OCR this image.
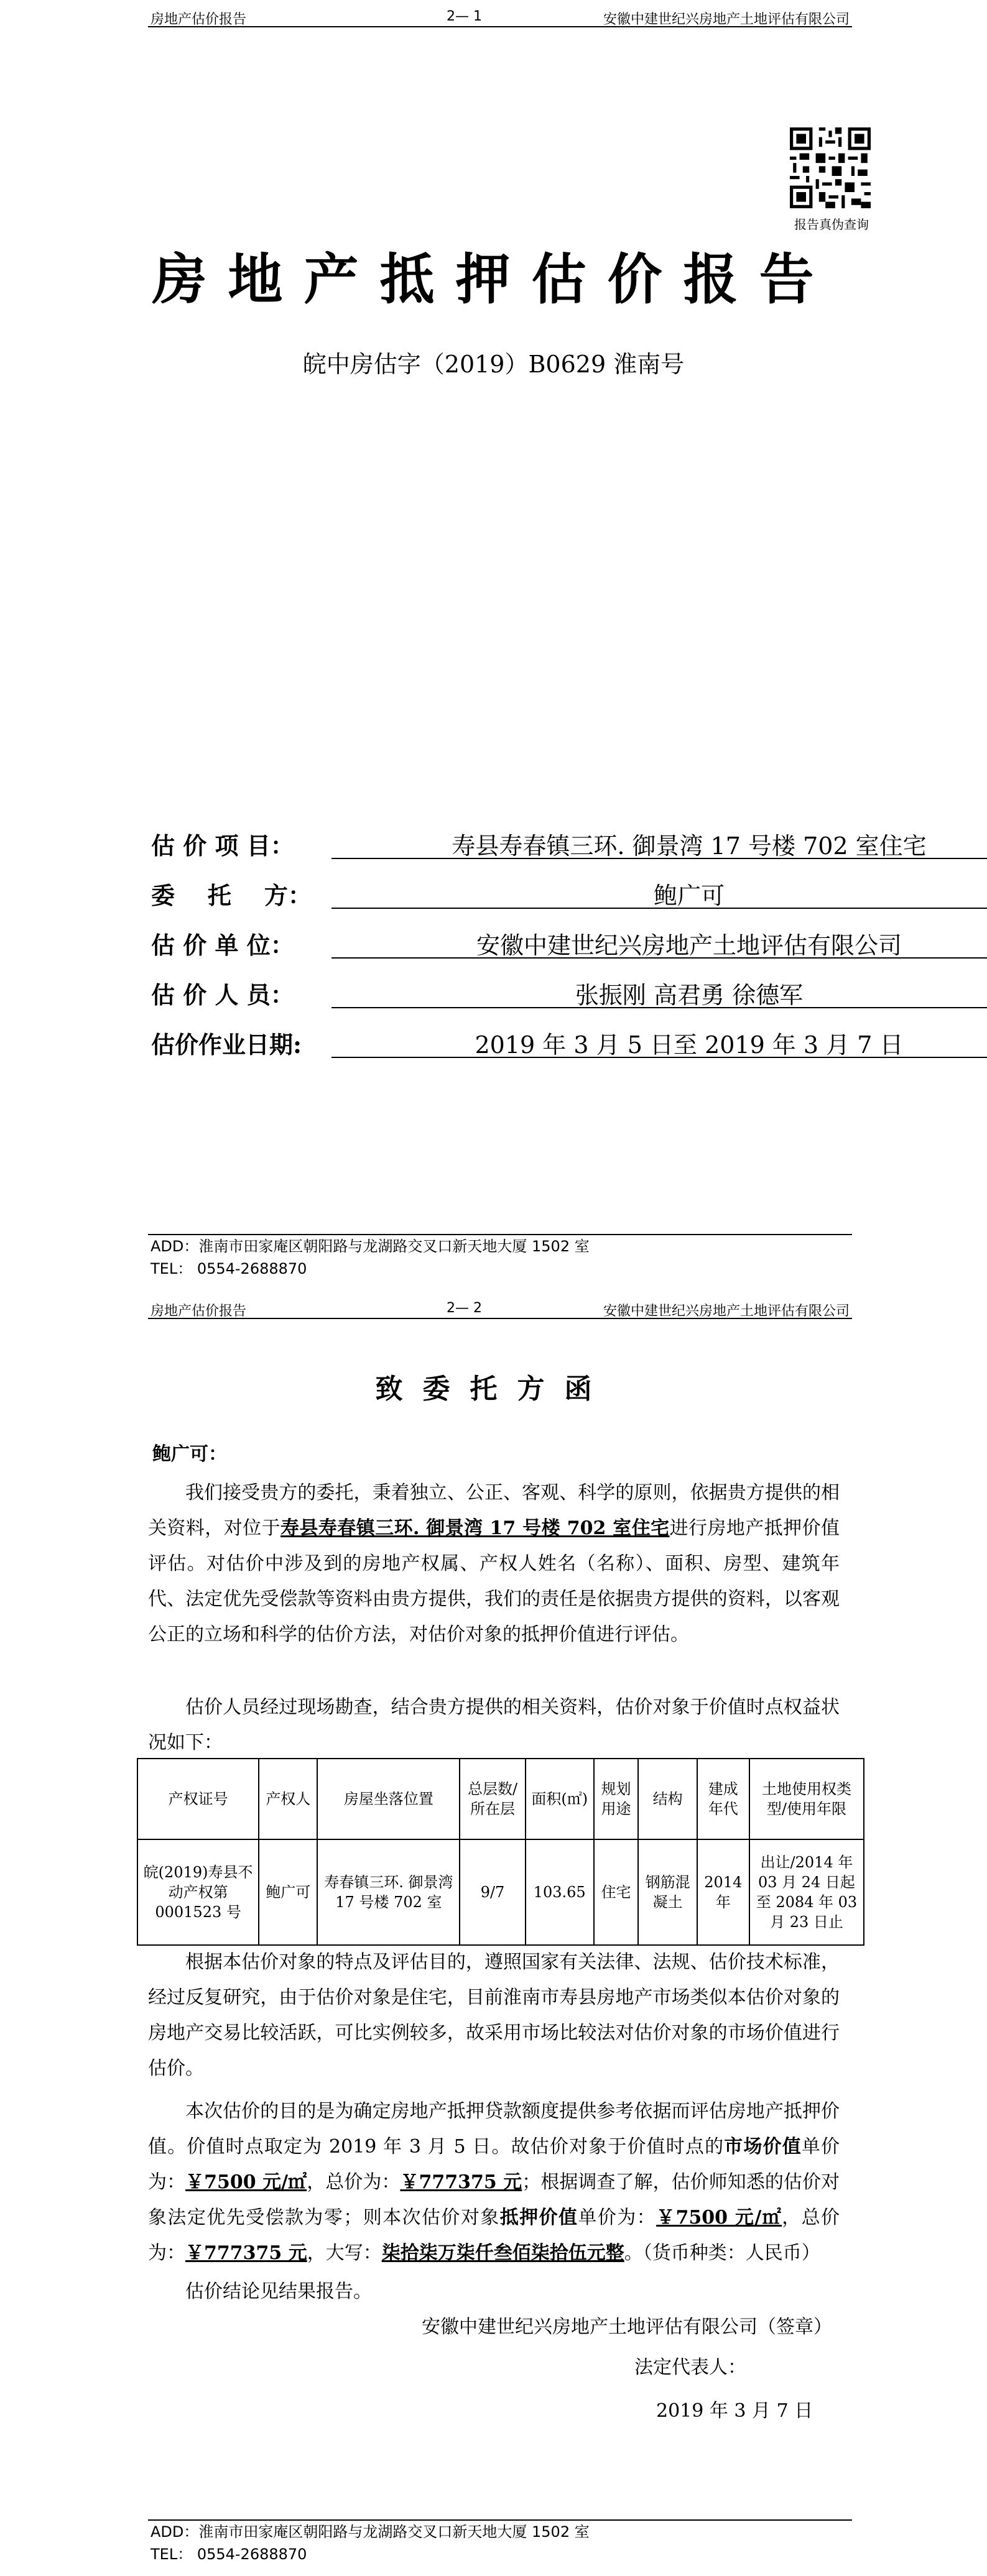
房地产估价报告	2— 1	安徽中建世纪兴房地产土地评估有限公司
报告真伪查询
房地产抵押估价报告
皖中房估字（2019）B0629 淮南号
估 价 项 目：	寿县寿春镇三环. 御景湾 17 号楼 702 室住宅
委    托    方：	鲍广可
估 价 单 位：	安徽中建世纪兴房地产土地评估有限公司
估 价 人 员：	张振刚 高君勇 徐德军
估价作业日期:	2019 年 3 月 5 日至 2019 年 3 月 7 日
ADD：淮南市田家庵区朝阳路与龙湖路交叉口新天地大厦 1502 室
TEL： 0554-2688870
房地产估价报告	2— 2	安徽中建世纪兴房地产土地评估有限公司
致委托方函
鲍广可：
我们接受贵方的委托，秉着独立、公正、客观、科学的原则，依据贵方提供的相关资料，对位于寿县寿春镇三环. 御景湾 17 号楼 702 室住宅进行房地产抵押价值评估。对估价中涉及到的房地产权属、产权人姓名（名称）、面积、房型、建筑年代、法定优先受偿款等资料由贵方提供，我们的责任是依据贵方提供的资料，以客观公正的立场和科学的估价方法，对估价对象的抵押价值进行评估。
估价人员经过现场勘查，结合贵方提供的相关资料，估价对象于价值时点权益状况如下：
产权证号	产权人	房屋坐落位置	总层数/所在层	面积(㎡)	规划用途	结构	建成年代	土地使用权类型/使用年限
皖(2019)寿县不动产权第 0001523 号	鲍广可	寿春镇三环. 御景湾 17 号楼 702 室	9/7	103.65	住宅	钢筋混凝土	2014 年	出让/2014 年 03 月 24 日起至 2084 年 03 月 23 日止
根据本估价对象的特点及评估目的，遵照国家有关法律、法规、估价技术标准，经过反复研究，由于估价对象是住宅，目前淮南市寿县房地产市场类似本估价对象的房地产交易比较活跃，可比实例较多，故采用市场比较法对估价对象的市场价值进行估价。
本次估价的目的是为确定房地产抵押贷款额度提供参考依据而评估房地产抵押价值。价值时点取定为 2019 年 3 月 5 日。故估价对象于价值时点的市场价值单价为：￥7500 元/㎡，总价为：￥777375 元；根据调查了解，估价师知悉的估价对象法定优先受偿款为零；则本次估价对象抵押价值单价为：￥7500 元/㎡，总价为：￥777375 元，大写：柒拾柒万柒仟叁佰柒拾伍元整。（货币种类：人民币）
估价结论见结果报告。
安徽中建世纪兴房地产土地评估有限公司（签章）
法定代表人：
2019 年 3 月 7 日
ADD：淮南市田家庵区朝阳路与龙湖路交叉口新天地大厦 1502 室
TEL： 0554-2688870
